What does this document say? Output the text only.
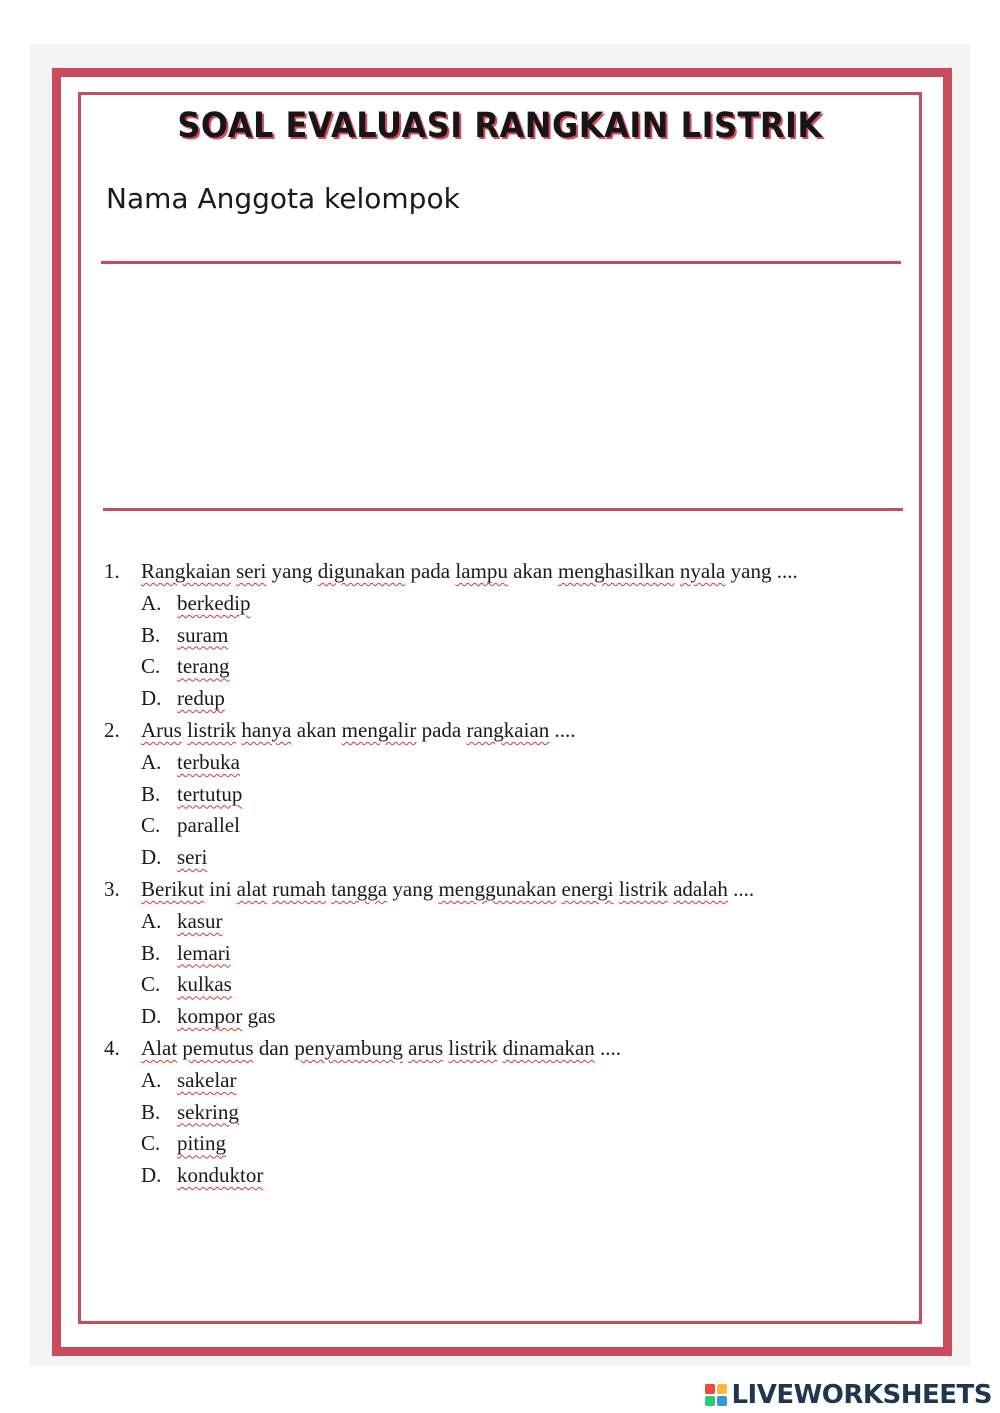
SOAL EVALUASI RANGKAIN LISTRIK
Nama Anggota kelompok
1. Rangkaian seri yang digunakan pada lampu akan menghasilkan nyala yang ....
A. berkedip
B. suram
C. terang
D. redup
2. Arus listrik hanya akan mengalir pada rangkaian ....
A. terbuka
B. tertutup
C. parallel
D. seri
3. Berikut ini alat rumah tangga yang menggunakan energi listrik adalah ....
A. kasur
B. lemari
C. kulkas
D. kompor gas
4. Alat pemutus dan penyambung arus listrik dinamakan ....
A. sakelar
B. sekring
C. piting
D. konduktor
LIVEWORKSHEETS
